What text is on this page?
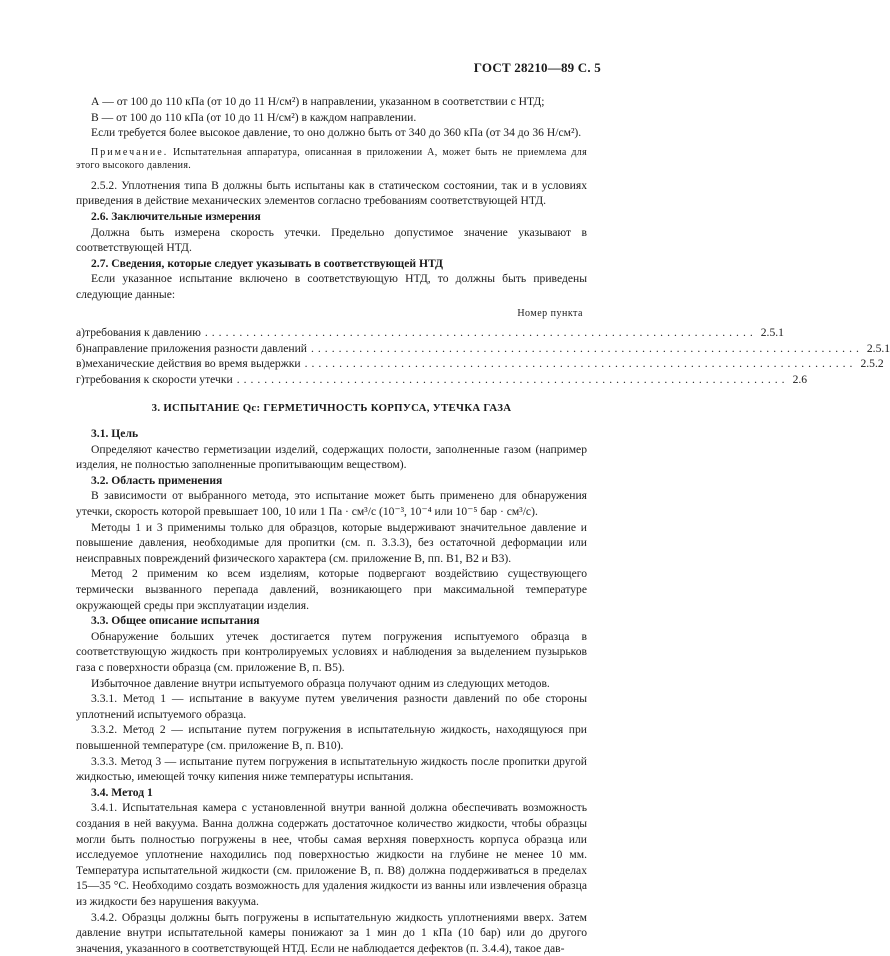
ГОСТ 28210—89 С. 5

А — от 100 до 110 кПа (от 10 до 11 Н/см²) в направлении, указанном в соответствии с НТД;

В — от 100 до 110 кПа (от 10 до 11 Н/см²) в каждом направлении.

Если требуется более высокое давление, то оно должно быть от 340 до 360 кПа (от 34 до 36 Н/см²).

Примечание. Испытательная аппаратура, описанная в приложении А, может быть не приемлема для этого высокого давления.

2.5.2. Уплотнения типа В должны быть испытаны как в статическом состоянии, так и в условиях приведения в действие механических элементов согласно требованиям соответствующей НТД.

2.6. Заключительные измерения

Должна быть измерена скорость утечки. Предельно допустимое значение указывают в соответствующей НТД.

2.7. Сведения, которые следует указывать в соответствующей НТД

Если указанное испытание включено в соответствующую НТД, то должны быть приведены следующие данные:

Номер пункта
а) требования к давлению ................................................................................ 2.5.1
б) направление приложения разности давлений ................................................................................ 2.5.1
в) механические действия во время выдержки ................................................................................ 2.5.2
г) требования к скорости утечки ................................................................................ 2.6
3. ИСПЫТАНИЕ Qc: ГЕРМЕТИЧНОСТЬ КОРПУСА, УТЕЧКА ГАЗА

3.1. Цель

Определяют качество герметизации изделий, содержащих полости, заполненные газом (например изделия, не полностью заполненные пропитывающим веществом).

3.2. Область применения

В зависимости от выбранного метода, это испытание может быть применено для обнаружения утечки, скорость которой превышает 100, 10 или 1 Па · см³/с (10⁻³, 10⁻⁴ или 10⁻⁵ бар · см³/с).

Методы 1 и 3 применимы только для образцов, которые выдерживают значительное давление и повышение давления, необходимые для пропитки (см. п. 3.3.3), без остаточной деформации или неисправных повреждений физического характера (см. приложение В, пп. В1, В2 и В3).

Метод 2 применим ко всем изделиям, которые подвергают воздействию существующего термически вызванного перепада давлений, возникающего при максимальной температуре окружающей среды при эксплуатации изделия.

3.3. Общее описание испытания

Обнаружение больших утечек достигается путем погружения испытуемого образца в соответствующую жидкость при контролируемых условиях и наблюдения за выделением пузырьков газа с поверхности образца (см. приложение В, п. В5).

Избыточное давление внутри испытуемого образца получают одним из следующих методов.

3.3.1. Метод 1 — испытание в вакууме путем увеличения разности давлений по обе стороны уплотнений испытуемого образца.

3.3.2. Метод 2 — испытание путем погружения в испытательную жидкость, находящуюся при повышенной температуре (см. приложение В, п. В10).

3.3.3. Метод 3 — испытание путем погружения в испытательную жидкость после пропитки другой жидкостью, имеющей точку кипения ниже температуры испытания.

3.4. Метод 1

3.4.1. Испытательная камера с установленной внутри ванной должна обеспечивать возможность создания в ней вакуума. Ванна должна содержать достаточное количество жидкости, чтобы образцы могли быть полностью погружены в нее, чтобы самая верхняя поверхность корпуса образца или исследуемое уплотнение находились под поверхностью жидкости на глубине не менее 10 мм. Температура испытательной жидкости (см. приложение В, п. В8) должна поддерживаться в пределах 15—35 °С. Необходимо создать возможность для удаления жидкости из ванны или извлечения образца из жидкости без нарушения вакуума.

3.4.2. Образцы должны быть погружены в испытательную жидкость уплотнениями вверх. Затем давление внутри испытательной камеры понижают за 1 мин до 1 кПа (10 бар) или до другого значения, указанного в соответствующей НТД. Если не наблюдается дефектов (п. 3.4.4), такое дав-
